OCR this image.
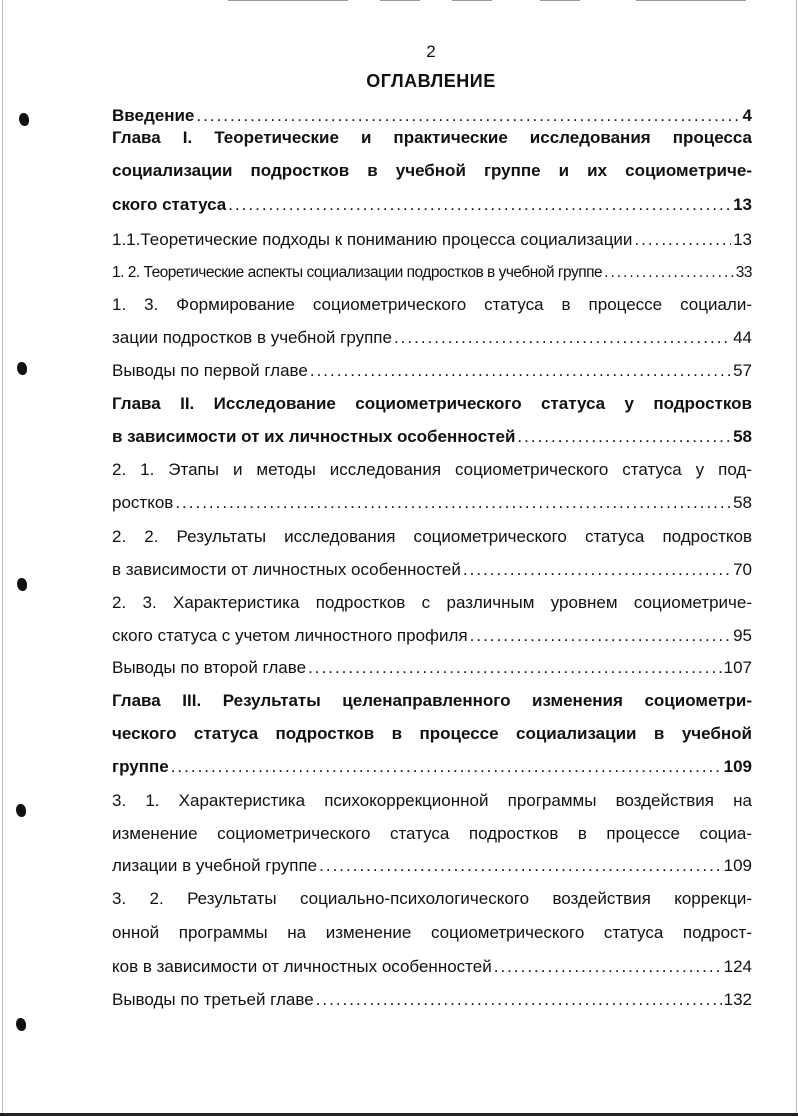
2
ОГЛАВЛЕНИЕ
Введение .....	4
Глава I. Теоретические и практические исследования процесса
социализации подростков в учебной группе и их социометриче-
ского статуса .....	13
1.1.Теоретические подходы к пониманию процесса социализации .....	13
1. 2. Теоретические аспекты социализации подростков в учебной группе .....	33
1. 3. Формирование социометрического статуса в процессе социали-
зации подростков в учебной группе .....	44
Выводы по первой главе .....	57
Глава II. Исследование социометрического статуса у подростков
в зависимости от их личностных особенностей .....	58
2. 1. Этапы и методы исследования социометрического статуса у под-
ростков .....	58
2. 2. Результаты исследования социометрического статуса подростков
в зависимости от личностных особенностей .....	70
2. 3. Характеристика подростков с различным уровнем социометриче-
ского статуса с учетом личностного профиля .....	95
Выводы по второй главе .....	107
Глава III. Результаты целенаправленного изменения социометри-
ческого статуса подростков в процессе социализации в учебной
группе .....	109
3. 1. Характеристика психокоррекционной программы воздействия на
изменение социометрического статуса подростков в процессе социа-
лизации в учебной группе .....	109
3. 2. Результаты социально-психологического воздействия коррекци-
онной программы на изменение социометрического статуса подрост-
ков в зависимости от личностных особенностей .....	124
Выводы по третьей главе .....	132
